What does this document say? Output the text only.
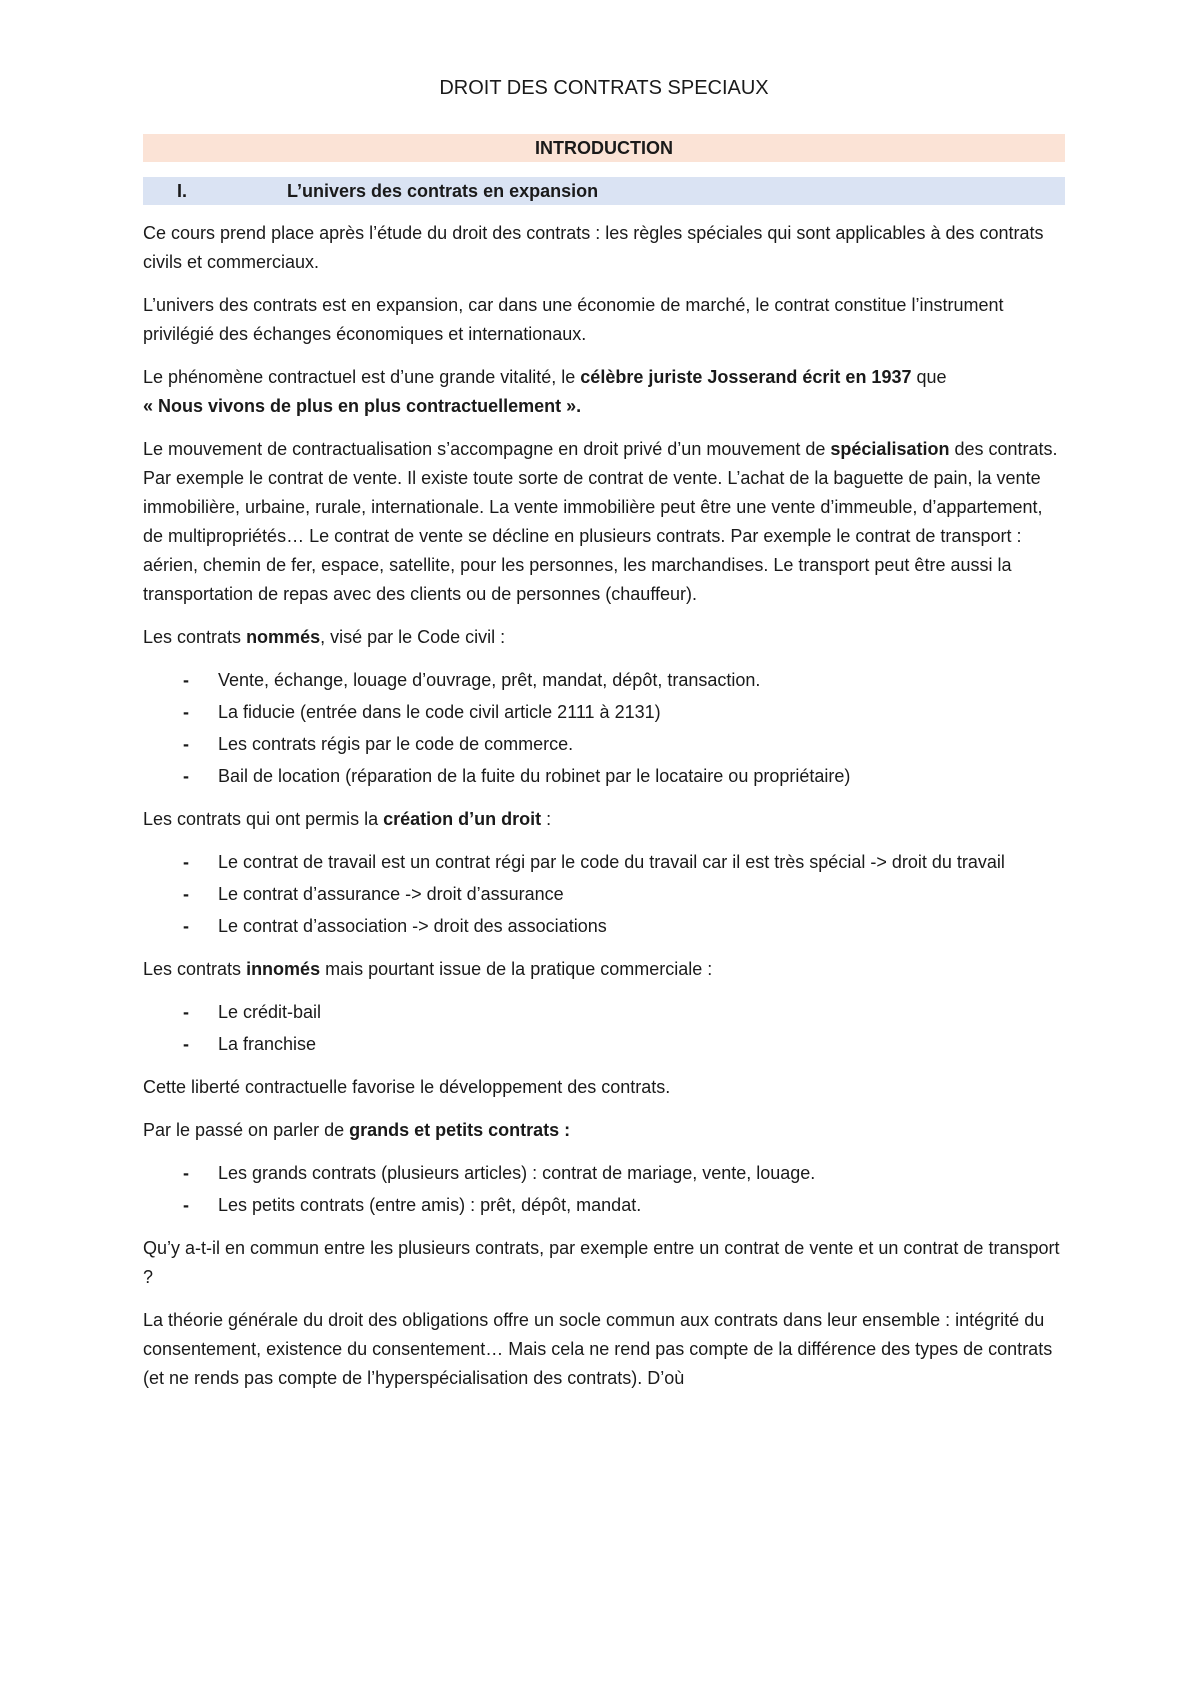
DROIT DES CONTRATS SPECIAUX
INTRODUCTION
I.	L’univers des contrats en expansion

Ce cours prend place après l’étude du droit des contrats : les règles spéciales qui sont applicables à des contrats civils et commerciaux.

L’univers des contrats est en expansion, car dans une économie de marché, le contrat constitue l’instrument privilégié des échanges économiques et internationaux.

Le phénomène contractuel est d’une grande vitalité, le célèbre juriste Josserand écrit en 1937 que
« Nous vivons de plus en plus contractuellement ».

Le mouvement de contractualisation s’accompagne en droit privé d’un mouvement de spécialisation des contrats. Par exemple le contrat de vente. Il existe toute sorte de contrat de vente. L’achat de la baguette de pain, la vente immobilière, urbaine, rurale, internationale. La vente immobilière peut être une vente d’immeuble, d’appartement, de multipropriétés… Le contrat de vente se décline en plusieurs contrats. Par exemple le contrat de transport : aérien, chemin de fer, espace, satellite, pour les personnes, les marchandises. Le transport peut être aussi la transportation de repas avec des clients ou de personnes (chauffeur).

Les contrats nommés, visé par le Code civil :

-	Vente, échange, louage d’ouvrage, prêt, mandat, dépôt, transaction.
-	La fiducie (entrée dans le code civil article 2111 à 2131)
-	Les contrats régis par le code de commerce.
-	Bail de location (réparation de la fuite du robinet par le locataire ou propriétaire)

Les contrats qui ont permis la création d’un droit :

-	Le contrat de travail est un contrat régi par le code du travail car il est très spécial -> droit du travail
-	Le contrat d’assurance -> droit d’assurance
-	Le contrat d’association -> droit des associations

Les contrats innomés mais pourtant issue de la pratique commerciale :

-	Le crédit-bail
-	La franchise

Cette liberté contractuelle favorise le développement des contrats.

Par le passé on parler de grands et petits contrats :

-	Les grands contrats (plusieurs articles) : contrat de mariage, vente, louage.
-	Les petits contrats (entre amis) : prêt, dépôt, mandat.

Qu’y a-t-il en commun entre les plusieurs contrats, par exemple entre un contrat de vente et un contrat de transport ?

La théorie générale du droit des obligations offre un socle commun aux contrats dans leur ensemble : intégrité du consentement, existence du consentement… Mais cela ne rend pas compte de la différence des types de contrats (et ne rends pas compte de l’hyperspécialisation des contrats). D’où
